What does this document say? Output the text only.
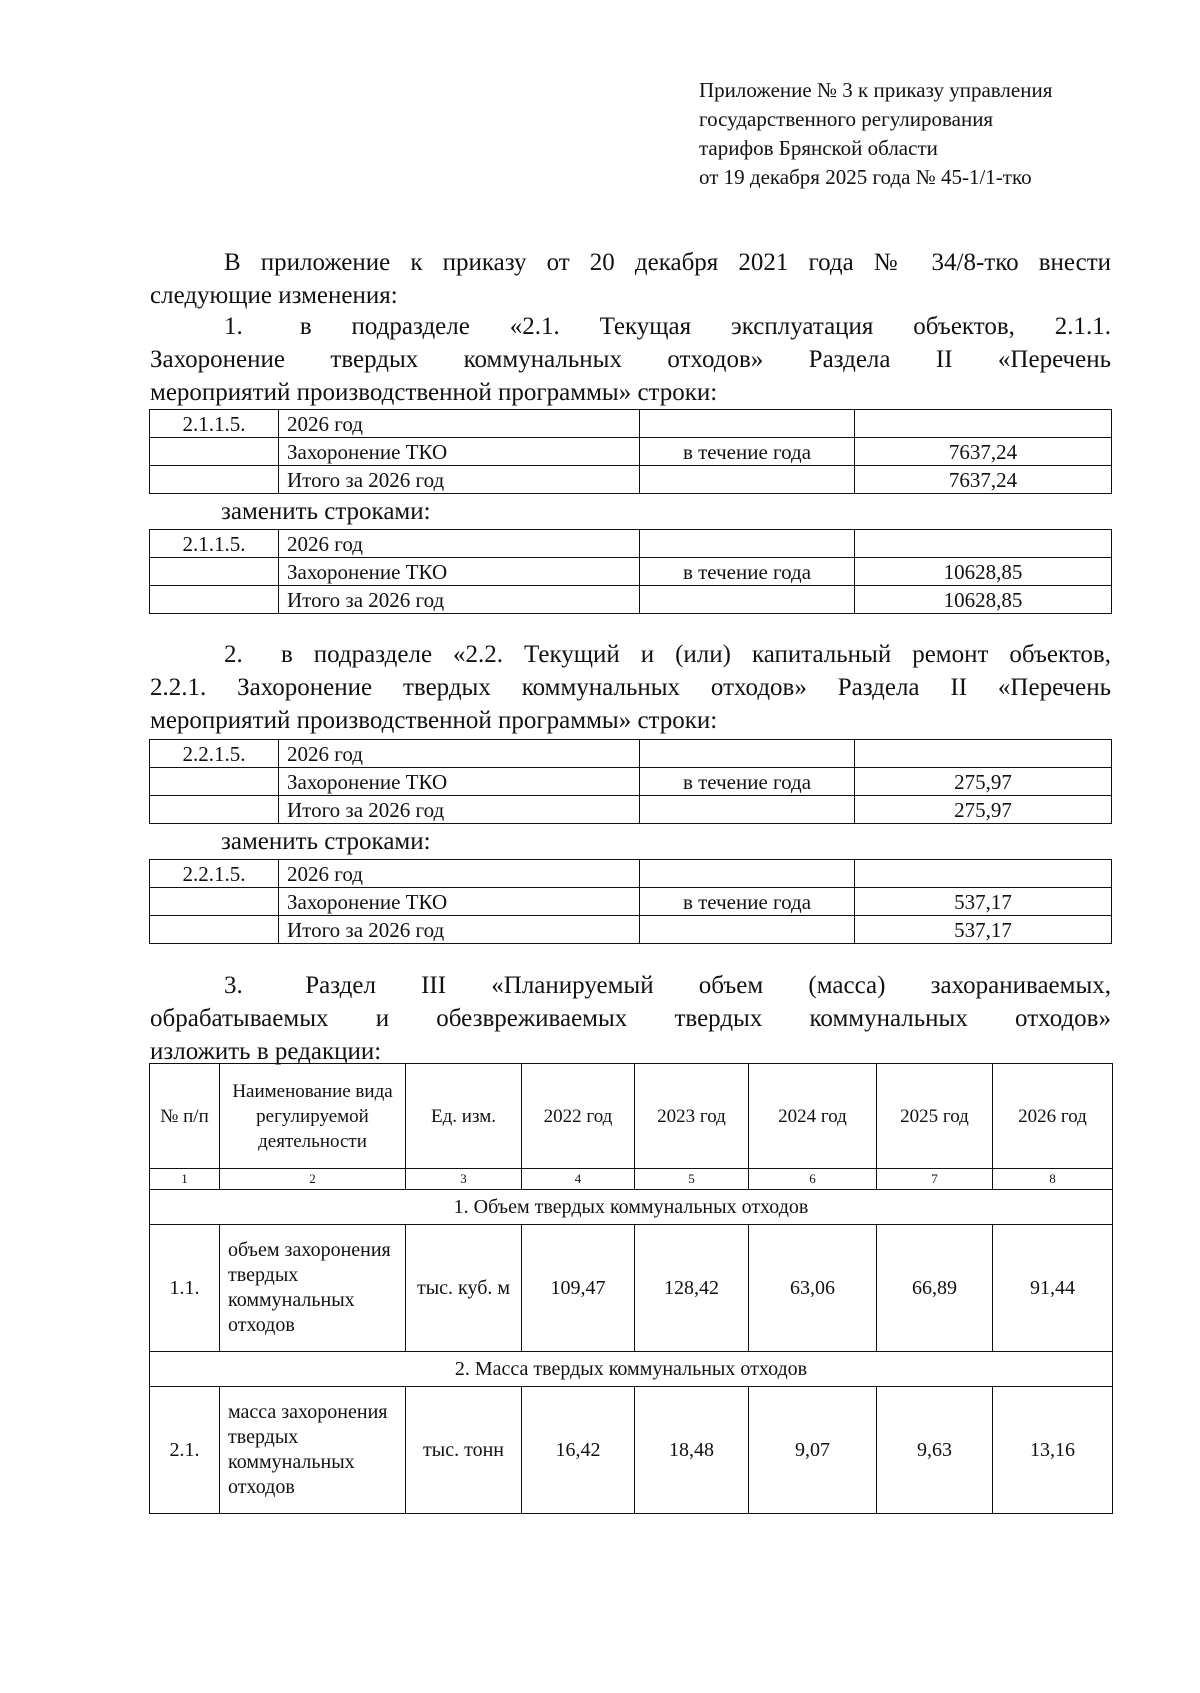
Приложение № 3 к приказу управления
государственного регулирования
тарифов Брянской области
от 19 декабря 2025 года № 45-1/1-тко
В приложение к приказу от 20 декабря 2021 года № 34/8-тко внести
следующие изменения:
1. в подразделе «2.1. Текущая эксплуатация объектов, 2.1.1.
Захоронение твердых коммунальных отходов» Раздела II «Перечень
мероприятий производственной программы» строки:
2.1.1.5.	2026 год		
	Захоронение ТКО	в течение года	7637,24
	Итого за 2026 год		7637,24
заменить строками:
2.1.1.5.	2026 год		
	Захоронение ТКО	в течение года	10628,85
	Итого за 2026 год		10628,85
2. в подразделе «2.2. Текущий и (или) капитальный ремонт объектов,
2.2.1. Захоронение твердых коммунальных отходов» Раздела II «Перечень
мероприятий производственной программы» строки:
2.2.1.5.	2026 год		
	Захоронение ТКО	в течение года	275,97
	Итого за 2026 год		275,97
заменить строками:
2.2.1.5.	2026 год		
	Захоронение ТКО	в течение года	537,17
	Итого за 2026 год		537,17
3. Раздел III «Планируемый объем (масса) захораниваемых,
обрабатываемых и обезвреживаемых твердых коммунальных отходов»
изложить в редакции:
№ п/п	Наименование вида регулируемой деятельности	Ед. изм.	2022 год	2023 год	2024 год	2025 год	2026 год
1	2	3	4	5	6	7	8
1. Объем твердых коммунальных отходов							
1.1.	объем захоронения твердых коммунальных отходов	тыс. куб. м	109,47	128,42	63,06	66,89	91,44
2. Масса твердых коммунальных отходов							
2.1.	масса захоронения твердых коммунальных отходов	тыс. тонн	16,42	18,48	9,07	9,63	13,16
